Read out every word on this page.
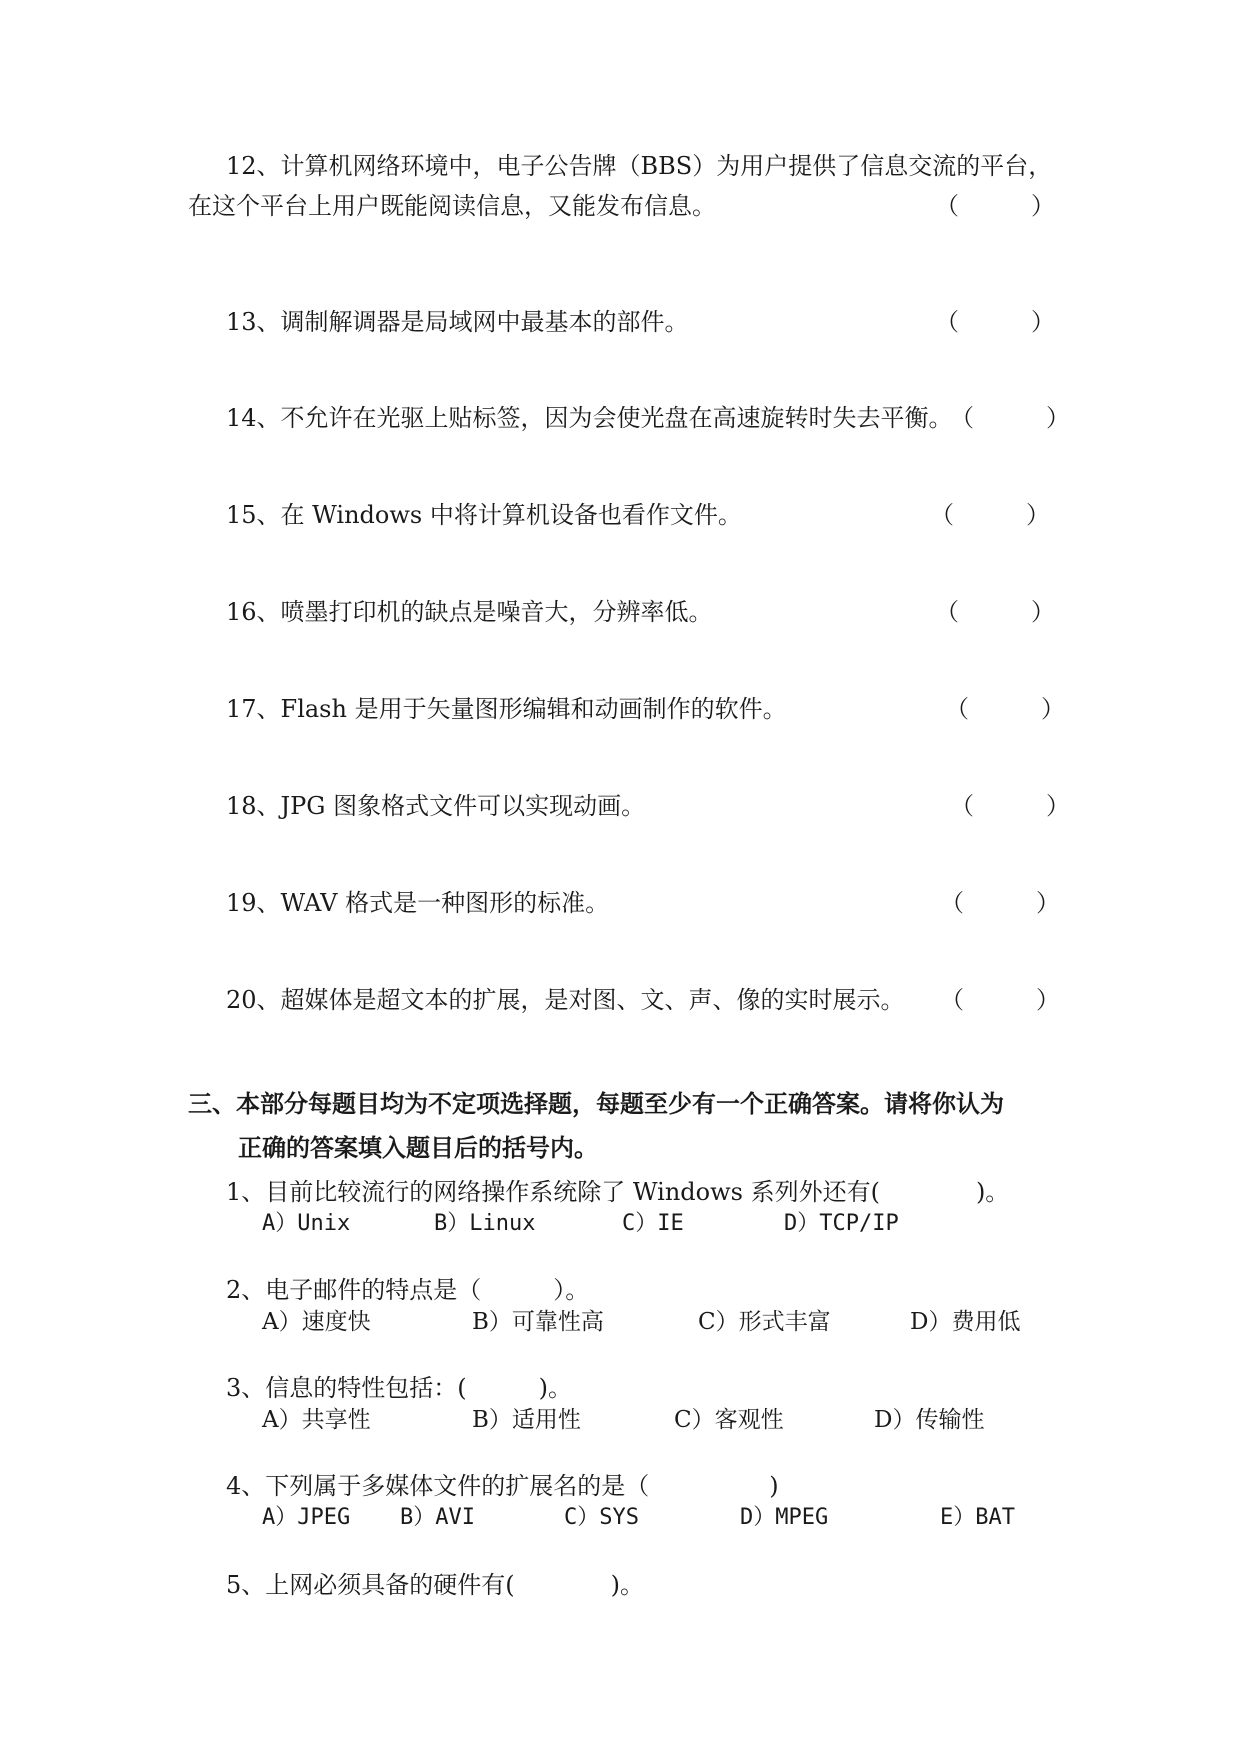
12、计算机网络环境中，电子公告牌（BBS）为用户提供了信息交流的平台，
在这个平台上用户既能阅读信息，又能发布信息。	（　　　）
13、调制解调器是局域网中最基本的部件。	（　　　）
14、不允许在光驱上贴标签，因为会使光盘在高速旋转时失去平衡。
（　　　）
15、在 Windows 中将计算机设备也看作文件。	（　　　）
16、喷墨打印机的缺点是噪音大，分辨率低。	（　　　）
17、Flash 是用于矢量图形编辑和动画制作的软件。	（　　　）
18、JPG 图象格式文件可以实现动画。	（　　　）
19、WAV 格式是一种图形的标准。	（　　　）
20、超媒体是超文本的扩展，是对图、文、声、像的实时展示。 （　　　）
三、本部分每题目均为不定项选择题，每题至少有一个正确答案。请将你认为
正确的答案填入题目后的括号内。
1、目前比较流行的网络操作系统除了 Windows 系列外还有(　　　　)。
A）Unix	B）Linux	C）IE	D）TCP/IP
2、电子邮件的特点是（　　　）。
A）速度快	B）可靠性高	C）形式丰富	D）费用低
3、信息的特性包括：(　　　)。
A）共享性	B）适用性	C）客观性	D）传输性
4、下列属于多媒体文件的扩展名的是（　　　　　)
A）JPEG B）AVI	C）SYS	D）MPEG	E）BAT
5、上网必须具备的硬件有(　　　　)。
